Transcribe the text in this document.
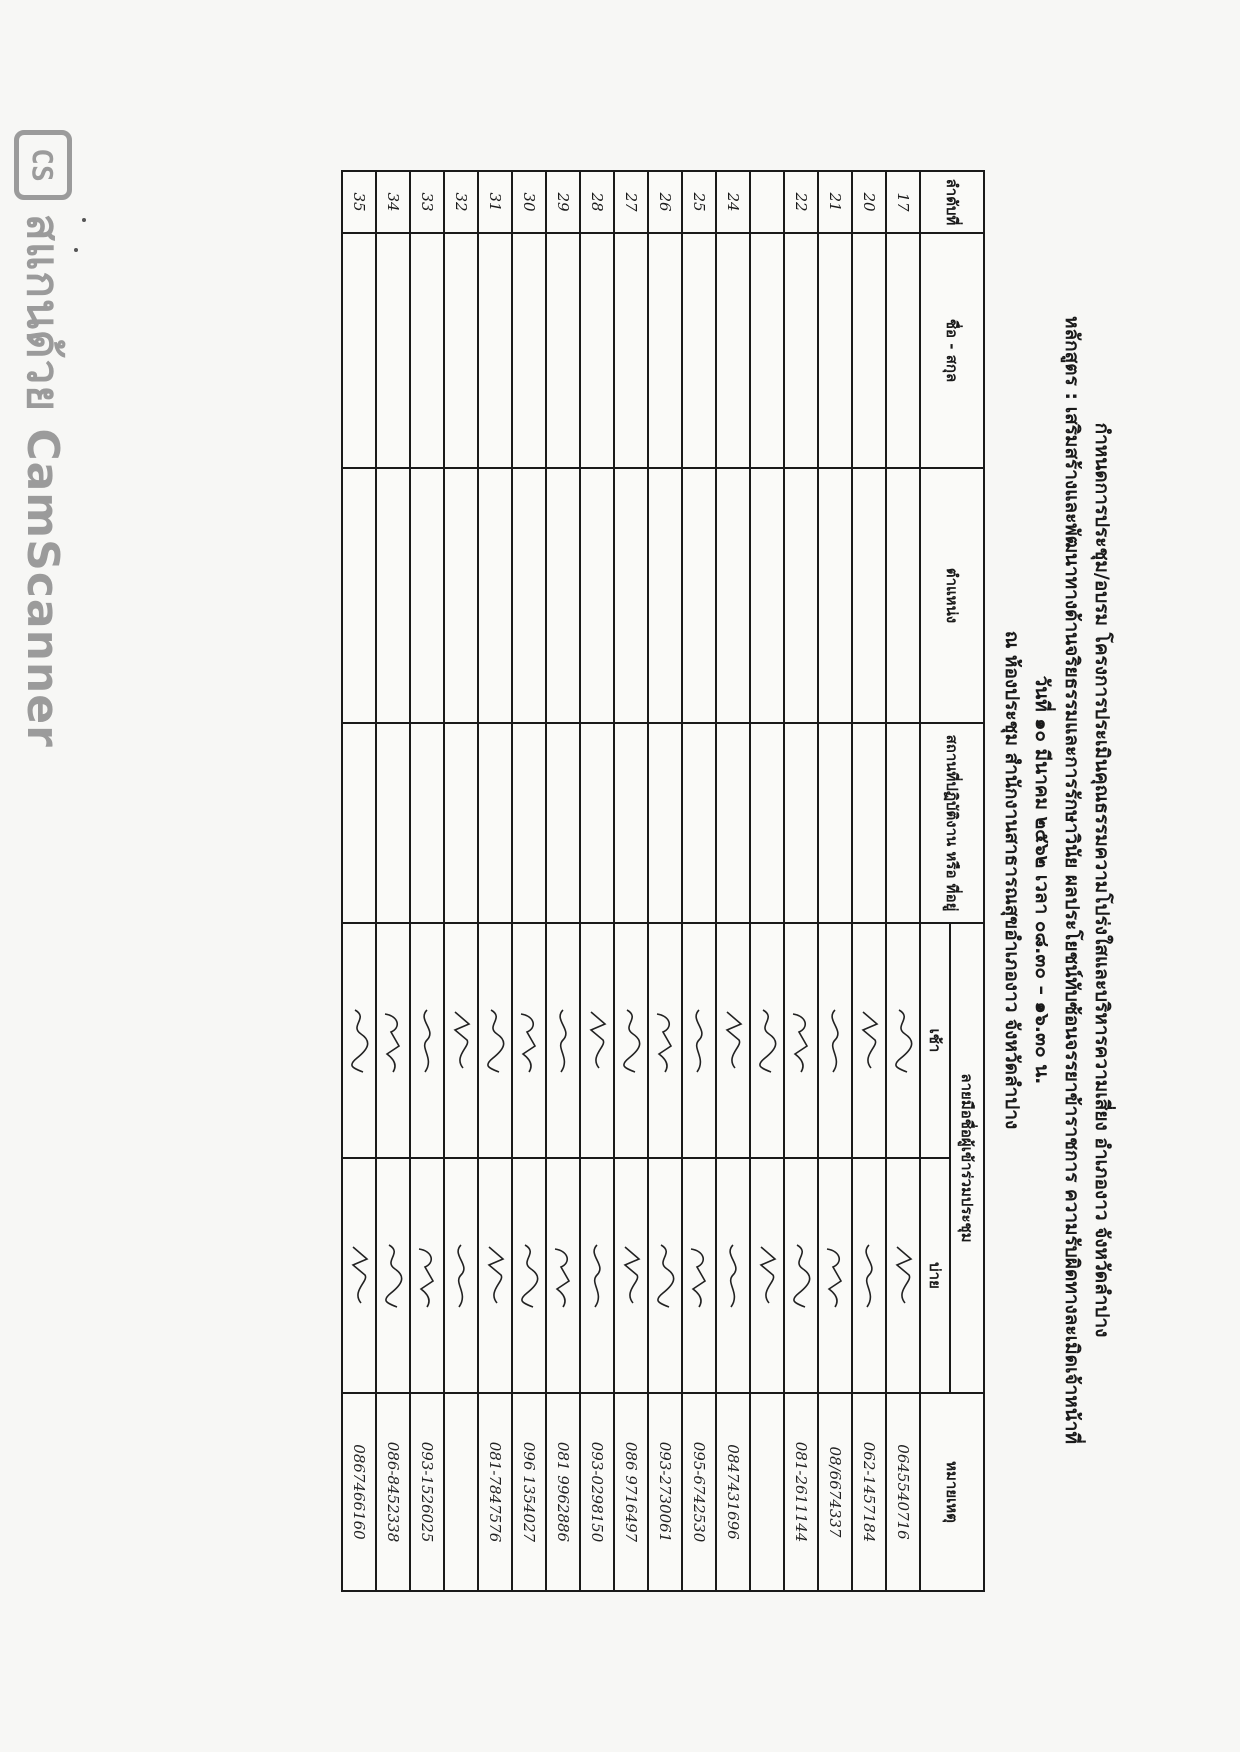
CS
สแกนด้วย CamScanner	กำหนดการประชุม/อบรม โครงการประเมินคุณธรรมความโปร่งใสและบริหารความเสี่ยง อำเภองาว จังหวัดลำปาง
หลักสูตร : เสริมสร้างและพัฒนาทางด้านจริยธรรมและการรักษาวินัย ผลประโยชน์ทับซ้อนจรรยาข้าราชการ ความรับผิดทางละเมิดเจ้าหน้าที่
วันที่ ๑๐ มีนาคม ๒๕๖๒ เวลา ๐๘.๓๐ – ๑๖.๓๐ น.
ณ ห้องประชุม สำนักงานสาธารณสุขอำเภองาว จังหวัดลำปาง
ลำดับที่	ชื่อ - สกุล	ตำแหน่ง	สถานที่ปฏิบัติงาน หรือ ที่อยู่	ลายมือชื่อผู้เข้าร่วมประชุม		หมายเหตุ
				เช้า	บ่าย	
17						0645540716
20						062-1457184
21						08/6674337
22						081-2611144

24						0847431696
25						095-6742530
26						093-2730061
27						086 9716497
28						093-0298150
29						081 9962886
30						096 1354027
31						081-7847576
32						
33						093-1526025
34						086-8452338
35						0867466160
